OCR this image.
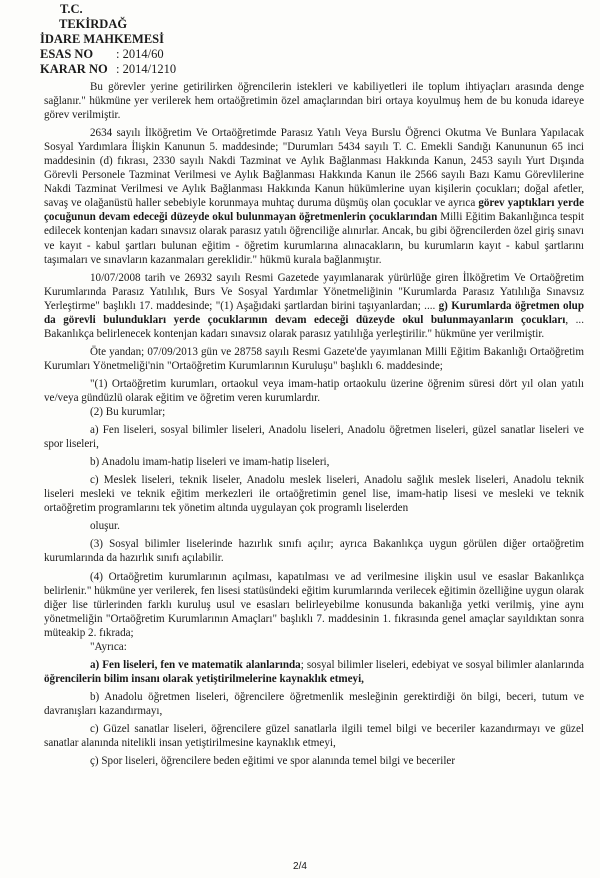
T.C.
TEKİRDAĞ
İDARE MAHKEMESİ
ESAS NO	: 2014/60
KARAR NO : 2014/1210

Bu görevler yerine getirilirken öğrencilerin istekleri ve kabiliyetleri ile toplum ihtiyaçları arasında denge sağlanır." hükmüne yer verilerek hem ortaöğretimin özel amaçlarından biri ortaya koyulmuş hem de bu konuda idareye görev verilmiştir.

2634 sayılı İlköğretim Ve Ortaöğretimde Parasız Yatılı Veya Burslu Öğrenci Okutma Ve Bunlara Yapılacak Sosyal Yardımlara İlişkin Kanunun 5. maddesinde; "Durumları 5434 sayılı T. C. Emekli Sandığı Kanununun 65 inci maddesinin (d) fıkrası, 2330 sayılı Nakdi Tazminat ve Aylık Bağlanması Hakkında Kanun, 2453 sayılı Yurt Dışında Görevli Personele Tazminat Verilmesi ve Aylık Bağlanması Hakkında Kanun ile 2566 sayılı Bazı Kamu Görevlilerine Nakdi Tazminat Verilmesi ve Aylık Bağlanması Hakkında Kanun hükümlerine uyan kişilerin çocukları; doğal afetler, savaş ve olağanüstü haller sebebiyle korunmaya muhtaç duruma düşmüş olan çocuklar ve ayrıca görev yaptıkları yerde çocuğunun devam edeceği düzeyde okul bulunmayan öğretmenlerin çocuklarından Milli Eğitim Bakanlığınca tespit edilecek kontenjan kadarı sınavsız olarak parasız yatılı öğrenciliğe alınırlar. Ancak, bu gibi öğrencilerden özel giriş sınavı ve kayıt - kabul şartları bulunan eğitim - öğretim kurumlarına alınacakların, bu kurumların kayıt - kabul şartlarını taşımaları ve sınavların kazanmaları gereklidir." hükmü kurala bağlanmıştır.

10/07/2008 tarih ve 26932 sayılı Resmi Gazetede yayımlanarak yürürlüğe giren İlköğretim Ve Ortaöğretim Kurumlarında Parasız Yatılılık, Burs Ve Sosyal Yardımlar Yönetmeliğinin "Kurumlarda Parasız Yatılılığa Sınavsız Yerleştirme" başlıklı 17. maddesinde; "(1) Aşağıdaki şartlardan birini taşıyanlardan; .... g) Kurumlarda öğretmen olup da görevli bulundukları yerde çocuklarının devam edeceği düzeyde okul bulunmayanların çocukları, ... Bakanlıkça belirlenecek kontenjan kadarı sınavsız olarak parasız yatılılığa yerleştirilir." hükmüne yer verilmiştir.

Öte yandan; 07/09/2013 gün ve 28758 sayılı Resmi Gazete'de yayımlanan Milli Eğitim Bakanlığı Ortaöğretim Kurumları Yönetmeliği'nin "Ortaöğretim Kurumlarının Kuruluşu" başlıklı 6. maddesinde;

"(1) Ortaöğretim kurumları, ortaokul veya imam-hatip ortaokulu üzerine öğrenim süresi dört yıl olan yatılı ve/veya gündüzlü olarak eğitim ve öğretim veren kurumlardır.

(2) Bu kurumlar;

a) Fen liseleri, sosyal bilimler liseleri, Anadolu liseleri, Anadolu öğretmen liseleri, güzel sanatlar liseleri ve spor liseleri,

b) Anadolu imam-hatip liseleri ve imam-hatip liseleri,

c) Meslek liseleri, teknik liseler, Anadolu meslek liseleri, Anadolu sağlık meslek liseleri, Anadolu teknik liseleri mesleki ve teknik eğitim merkezleri ile ortaöğretimin genel lise, imam-hatip lisesi ve mesleki ve teknik ortaöğretim programlarını tek yönetim altında uygulayan çok programlı liselerden

oluşur.

(3) Sosyal bilimler liselerinde hazırlık sınıfı açılır; ayrıca Bakanlıkça uygun görülen diğer ortaöğretim kurumlarında da hazırlık sınıfı açılabilir.

(4) Ortaöğretim kurumlarının açılması, kapatılması ve ad verilmesine ilişkin usul ve esaslar Bakanlıkça belirlenir." hükmüne yer verilerek, fen lisesi statüsündeki eğitim kurumlarında verilecek eğitimin özelliğine uygun olarak diğer lise türlerinden farklı kuruluş usul ve esasları belirleyebilme konusunda bakanlığa yetki verilmiş, yine aynı yönetmeliğin "Ortaöğretim Kurumlarının Amaçları" başlıklı 7. maddesinin 1. fıkrasında genel amaçlar sayıldıktan sonra müteakip 2. fıkrada;

"Ayrıca:

a) Fen liseleri, fen ve matematik alanlarında; sosyal bilimler liseleri, edebiyat ve sosyal bilimler alanlarında öğrencilerin bilim insanı olarak yetiştirilmelerine kaynaklık etmeyi,

b) Anadolu öğretmen liseleri, öğrencilere öğretmenlik mesleğinin gerektirdiği ön bilgi, beceri, tutum ve davranışları kazandırmayı,

c) Güzel sanatlar liseleri, öğrencilere güzel sanatlarla ilgili temel bilgi ve beceriler kazandırmayı ve güzel sanatlar alanında nitelikli insan yetiştirilmesine kaynaklık etmeyi,

ç) Spor liseleri, öğrencilere beden eğitimi ve spor alanında temel bilgi ve beceriler

2/4
